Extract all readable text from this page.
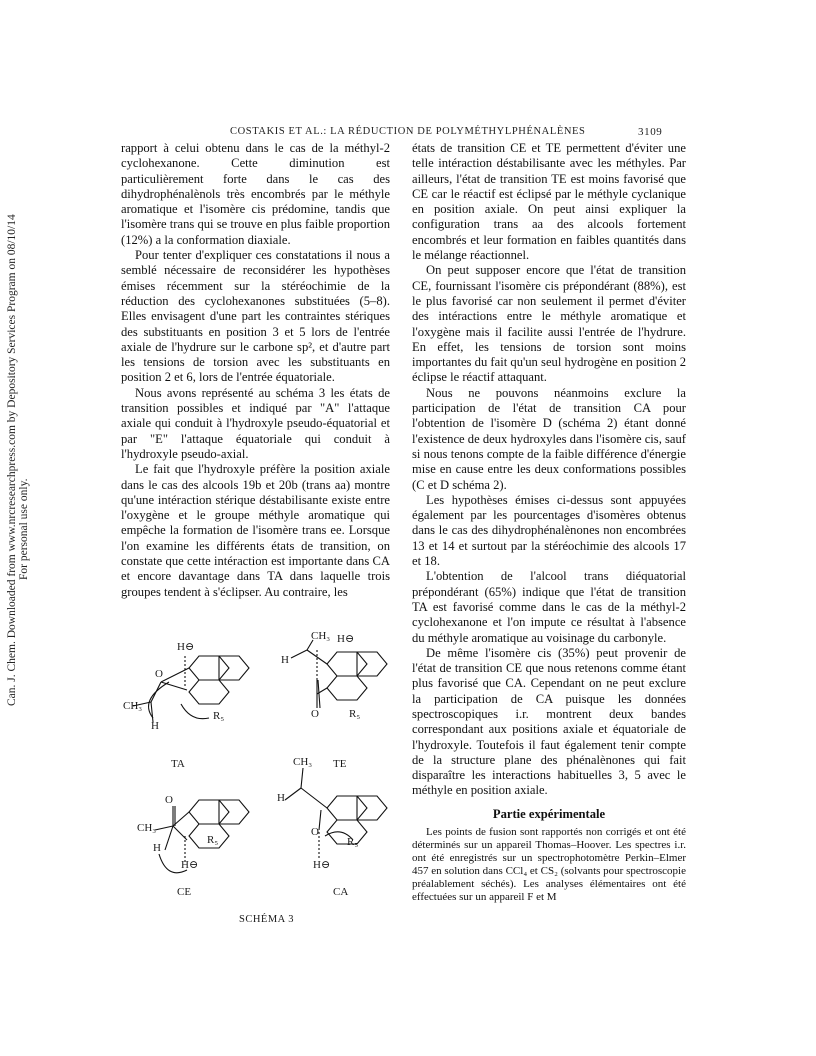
Can. J. Chem. Downloaded from www.nrcresearchpress.com by Depository Services Program on 08/10/14 For personal use only.
COSTAKIS ET AL.: LA RÉDUCTION DE POLYMÉTHYLPHÉNALÈNES	3109

rapport à celui obtenu dans le cas de la méthyl-2 cyclohexanone. Cette diminution est particulièrement forte dans le cas des dihydrophénalènols très encombrés par le méthyle aromatique et l'isomère cis prédomine, tandis que l'isomère trans qui se trouve en plus faible proportion (12%) a la conformation diaxiale.

Pour tenter d'expliquer ces constatations il nous a semblé nécessaire de reconsidérer les hypothèses émises récemment sur la stéréochimie de la réduction des cyclohexanones substituées (5–8). Elles envisagent d'une part les contraintes stériques des substituants en position 3 et 5 lors de l'entrée axiale de l'hydrure sur le carbone sp², et d'autre part les tensions de torsion avec les substituants en position 2 et 6, lors de l'entrée équatoriale.

Nous avons représenté au schéma 3 les états de transition possibles et indiqué par "A" l'attaque axiale qui conduit à l'hydroxyle pseudo-équatorial et par "E" l'attaque équatoriale qui conduit à l'hydroxyle pseudo-axial.

Le fait que l'hydroxyle préfère la position axiale dans le cas des alcools 19b et 20b (trans aa) montre qu'une intéraction stérique déstabilisante existe entre l'oxygène et le groupe méthyle aromatique qui empêche la formation de l'isomère trans ee. Lorsque l'on examine les différents états de transition, on constate que cette intéraction est importante dans CA et encore davantage dans TA dans laquelle trois groupes tendent à s'éclipser. Au contraire, les

H⊖
O
CH₃
H
R₅
TA
CH₃ H⊖
H
O	R₅
TE
O
CH₃
H
R₅
H⊖
CE
CH₃
H
O
R₅
H⊖
CA
SCHÉMA 3

états de transition CE et TE permettent d'éviter une telle intéraction déstabilisante avec les méthyles. Par ailleurs, l'état de transition TE est moins favorisé que CE car le réactif est éclipsé par le méthyle cyclanique en position axiale. On peut ainsi expliquer la configuration trans aa des alcools fortement encombrés et leur formation en faibles quantités dans le mélange réactionnel.

On peut supposer encore que l'état de transition CE, fournissant l'isomère cis prépondérant (88%), est le plus favorisé car non seulement il permet d'éviter des intéractions entre le méthyle aromatique et l'oxygène mais il facilite aussi l'entrée de l'hydrure. En effet, les tensions de torsion sont moins importantes du fait qu'un seul hydrogène en position 2 éclipse le réactif attaquant.

Nous ne pouvons néanmoins exclure la participation de l'état de transition CA pour l'obtention de l'isomère D (schéma 2) étant donné l'existence de deux hydroxyles dans l'isomère cis, sauf si nous tenons compte de la faible différence d'énergie mise en cause entre les deux conformations possibles (C et D schéma 2).

Les hypothèses émises ci-dessus sont appuyées également par les pourcentages d'isomères obtenus dans le cas des dihydrophénalènones non encombrées 13 et 14 et surtout par la stéréochimie des alcools 17 et 18.

L'obtention de l'alcool trans diéquatorial prépondérant (65%) indique que l'état de transition TA est favorisé comme dans le cas de la méthyl-2 cyclohexanone et l'on impute ce résultat à l'absence du méthyle aromatique au voisinage du carbonyle.

De même l'isomère cis (35%) peut provenir de l'état de transition CE que nous retenons comme étant plus favorisé que CA. Cependant on ne peut exclure la participation de CA puisque les données spectroscopiques i.r. montrent deux bandes correspondant aux positions axiale et équatoriale de l'hydroxyle. Toutefois il faut également tenir compte de la structure plane des phénalènones qui fait disparaître les interactions habituelles 3, 5 avec le méthyle en position axiale.

Partie expérimentale

Les points de fusion sont rapportés non corrigés et ont été déterminés sur un appareil Thomas–Hoover. Les spectres i.r. ont été enregistrés sur un spectrophotomètre Perkin–Elmer 457 en solution dans CCl₄ et CS₂ (solvants pour spectroscopie préalablement séchés). Les analyses élémentaires ont été effectuées sur un appareil F et M
